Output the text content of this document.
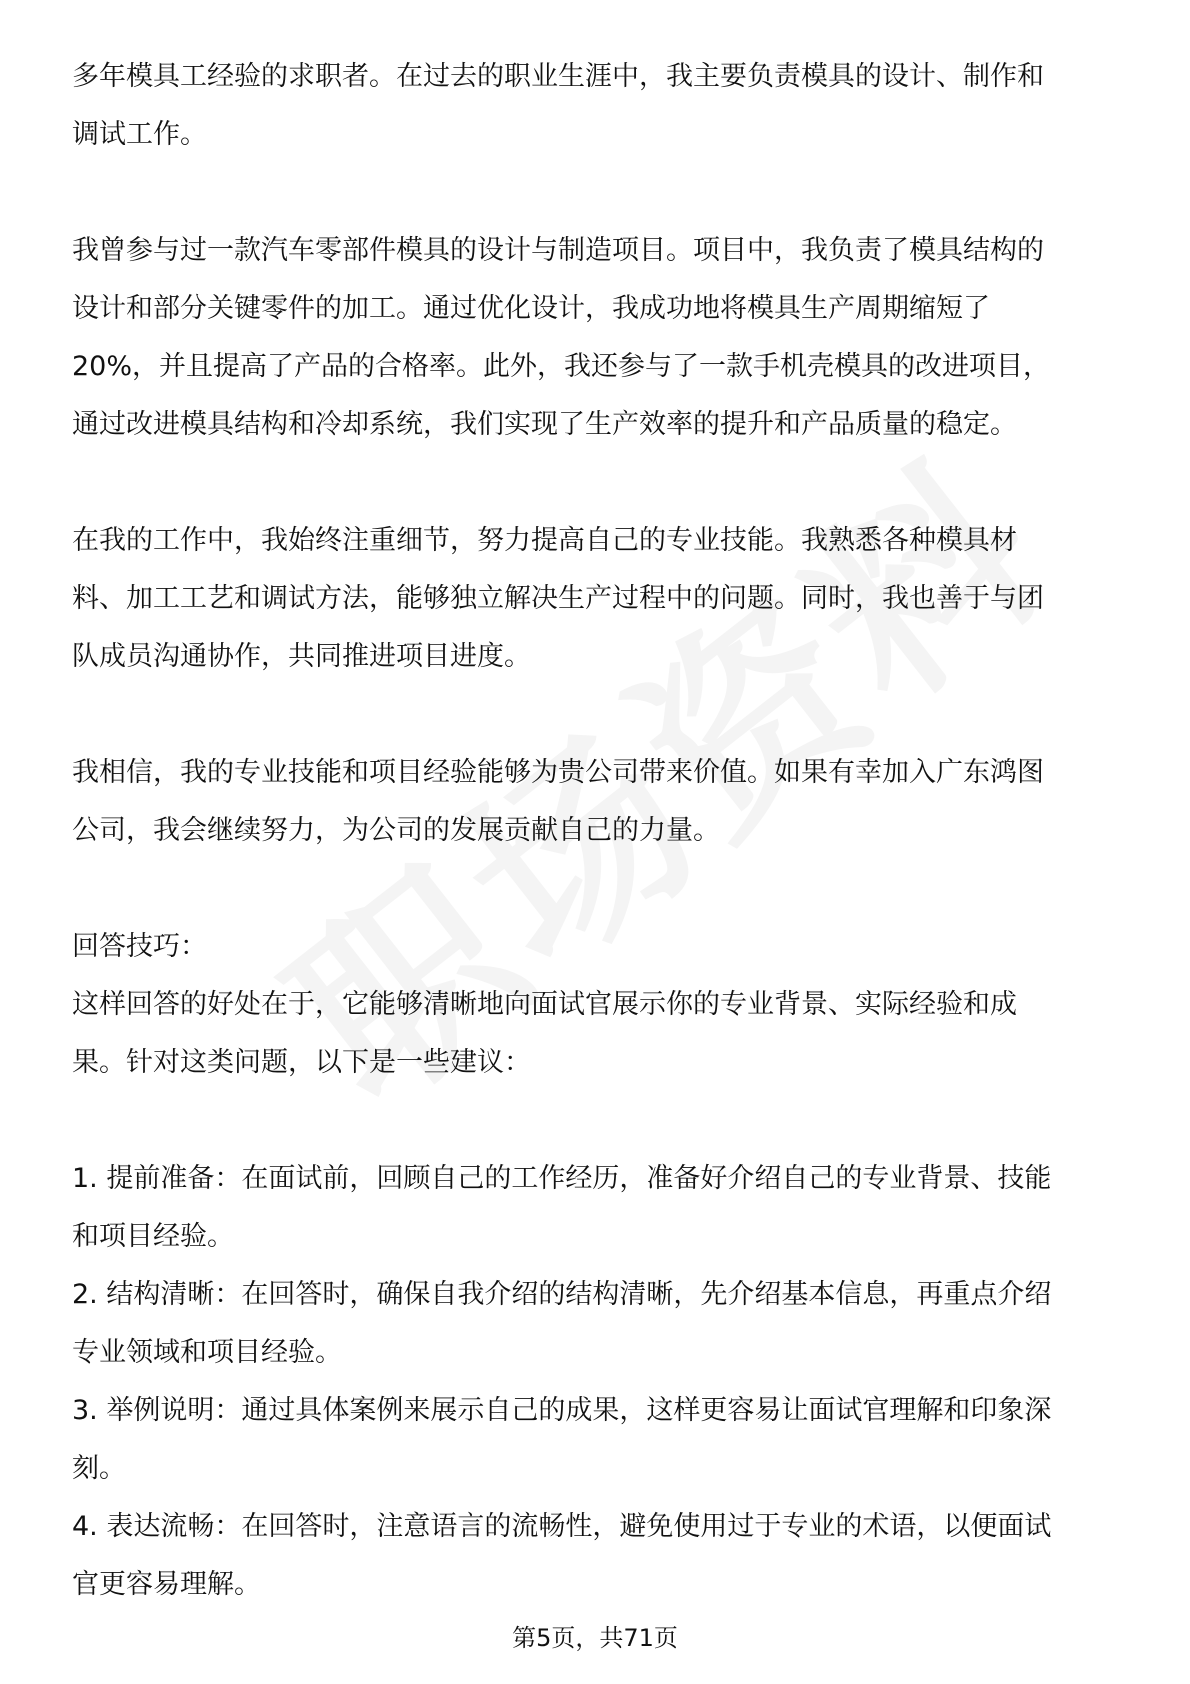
多年模具工经验的求职者。在过去的职业生涯中，我主要负责模具的设计、制作和
调试工作。
我曾参与过一款汽车零部件模具的设计与制造项目。项目中，我负责了模具结构的
设计和部分关键零件的加工。通过优化设计，我成功地将模具生产周期缩短了
20%，并且提高了产品的合格率。此外，我还参与了一款手机壳模具的改进项目，
通过改进模具结构和冷却系统，我们实现了生产效率的提升和产品质量的稳定。
在我的工作中，我始终注重细节，努力提高自己的专业技能。我熟悉各种模具材
料、加工工艺和调试方法，能够独立解决生产过程中的问题。同时，我也善于与团
队成员沟通协作，共同推进项目进度。
我相信，我的专业技能和项目经验能够为贵公司带来价值。如果有幸加入广东鸿图
公司，我会继续努力，为公司的发展贡献自己的力量。
回答技巧：
这样回答的好处在于，它能够清晰地向面试官展示你的专业背景、实际经验和成
果。针对这类问题，以下是一些建议：
1. 提前准备：在面试前，回顾自己的工作经历，准备好介绍自己的专业背景、技能
和项目经验。
2. 结构清晰：在回答时，确保自我介绍的结构清晰，先介绍基本信息，再重点介绍
专业领域和项目经验。
3. 举例说明：通过具体案例来展示自己的成果，这样更容易让面试官理解和印象深
刻。
4. 表达流畅：在回答时，注意语言的流畅性，避免使用过于专业的术语，以便面试
官更容易理解。
第5页，共71页
